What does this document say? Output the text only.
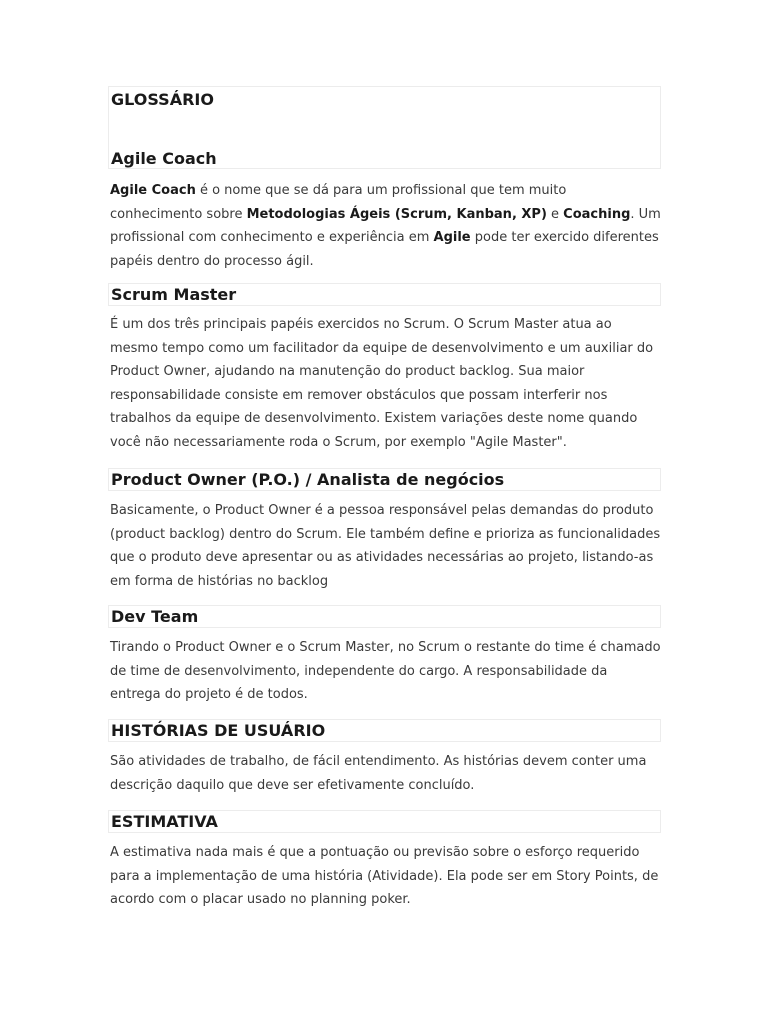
GLOSSÁRIO
Agile Coach

Agile Coach é o nome que se dá para um profissional que tem muito conhecimento sobre Metodologias Ágeis (Scrum, Kanban, XP) e Coaching. Um profissional com conhecimento e experiência em Agile pode ter exercido diferentes papéis dentro do processo ágil.

Scrum Master

É um dos três principais papéis exercidos no Scrum. O Scrum Master atua ao mesmo tempo como um facilitador da equipe de desenvolvimento e um auxiliar do Product Owner, ajudando na manutenção do product backlog. Sua maior responsabilidade consiste em remover obstáculos que possam interferir nos trabalhos da equipe de desenvolvimento. Existem variações deste nome quando você não necessariamente roda o Scrum, por exemplo "Agile Master".

Product Owner (P.O.) / Analista de negócios

Basicamente, o Product Owner é a pessoa responsável pelas demandas do produto (product backlog) dentro do Scrum. Ele também define e prioriza as funcionalidades que o produto deve apresentar ou as atividades necessárias ao projeto, listando-as em forma de histórias no backlog

Dev Team

Tirando o Product Owner e o Scrum Master, no Scrum o restante do time é chamado de time de desenvolvimento, independente do cargo. A responsabilidade da entrega do projeto é de todos.

HISTÓRIAS DE USUÁRIO

São atividades de trabalho, de fácil entendimento. As histórias devem conter uma descrição daquilo que deve ser efetivamente concluído.

ESTIMATIVA

A estimativa nada mais é que a pontuação ou previsão sobre o esforço requerido para a implementação de uma história (Atividade). Ela pode ser em Story Points, de acordo com o placar usado no planning poker.
